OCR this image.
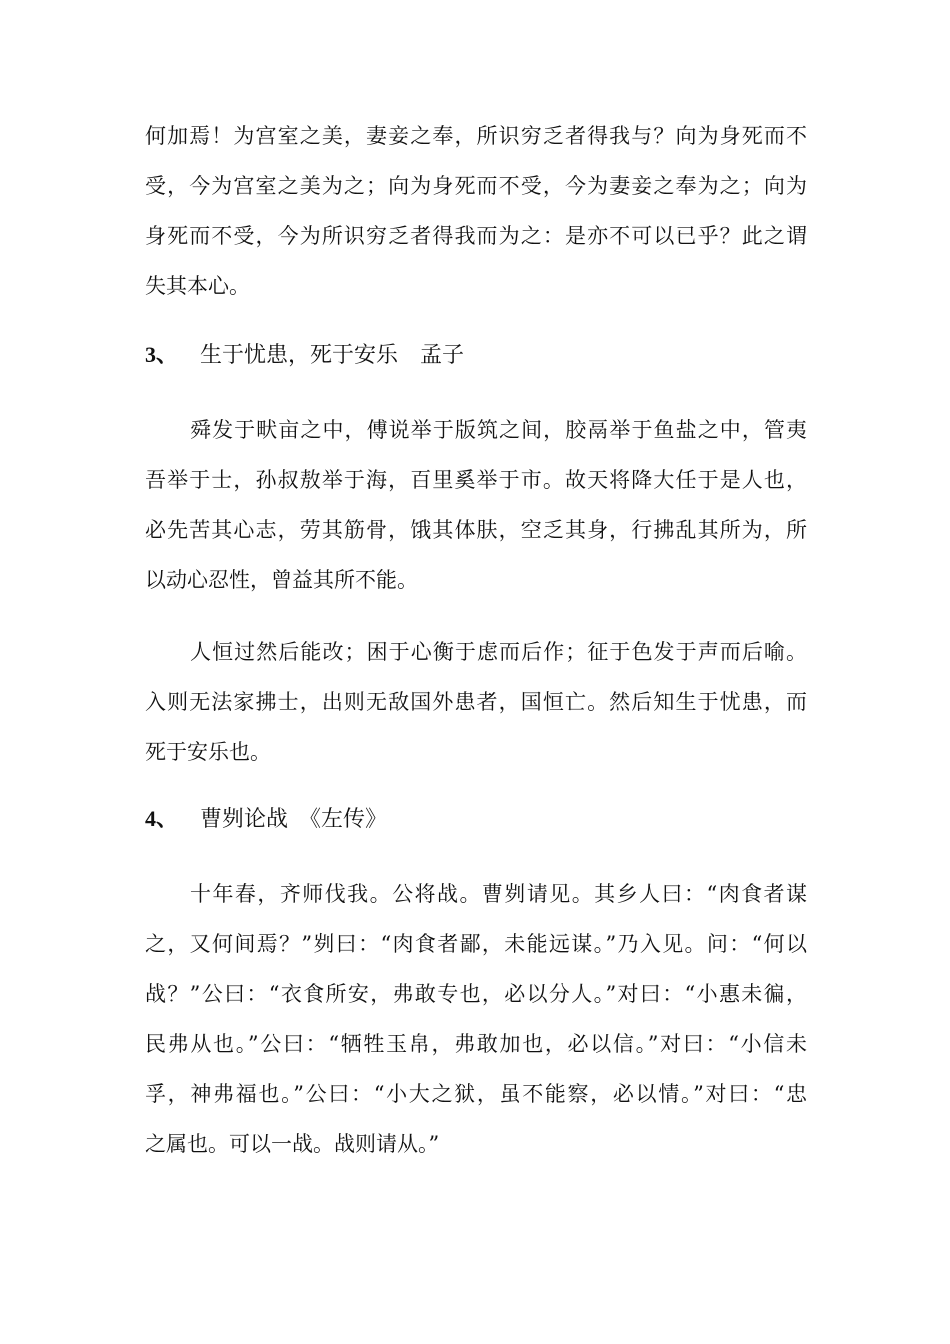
何加焉！为宫室之美，妻妾之奉，所识穷乏者得我与？向为身死而不
受，今为宫室之美为之；向为身死而不受，今为妻妾之奉为之；向为
身死而不受，今为所识穷乏者得我而为之：是亦不可以已乎？此之谓
失其本心。
3、 生于忧患，死于安乐　孟子
舜发于畎亩之中，傅说举于版筑之间，胶鬲举于鱼盐之中，管夷
吾举于士，孙叔敖举于海，百里奚举于市。故天将降大任于是人也，
必先苦其心志，劳其筋骨，饿其体肤，空乏其身，行拂乱其所为，所
以动心忍性，曾益其所不能。
人恒过然后能改；困于心衡于虑而后作；征于色发于声而后喻。
入则无法家拂士，出则无敌国外患者，国恒亡。然后知生于忧患，而
死于安乐也。
4、 曹刿论战　《左传》
十年春，齐师伐我。公将战。曹刿请见。其乡人曰：“肉食者谋
之，又何间焉？”刿曰：“肉食者鄙，未能远谋。”乃入见。问：“何以
战？”公曰：“衣食所安，弗敢专也，必以分人。”对曰：“小惠未徧，
民弗从也。”公曰：“牺牲玉帛，弗敢加也，必以信。”对曰：“小信未
孚，神弗福也。”公曰：“小大之狱，虽不能察，必以情。”对曰：“忠
之属也。可以一战。战则请从。”
